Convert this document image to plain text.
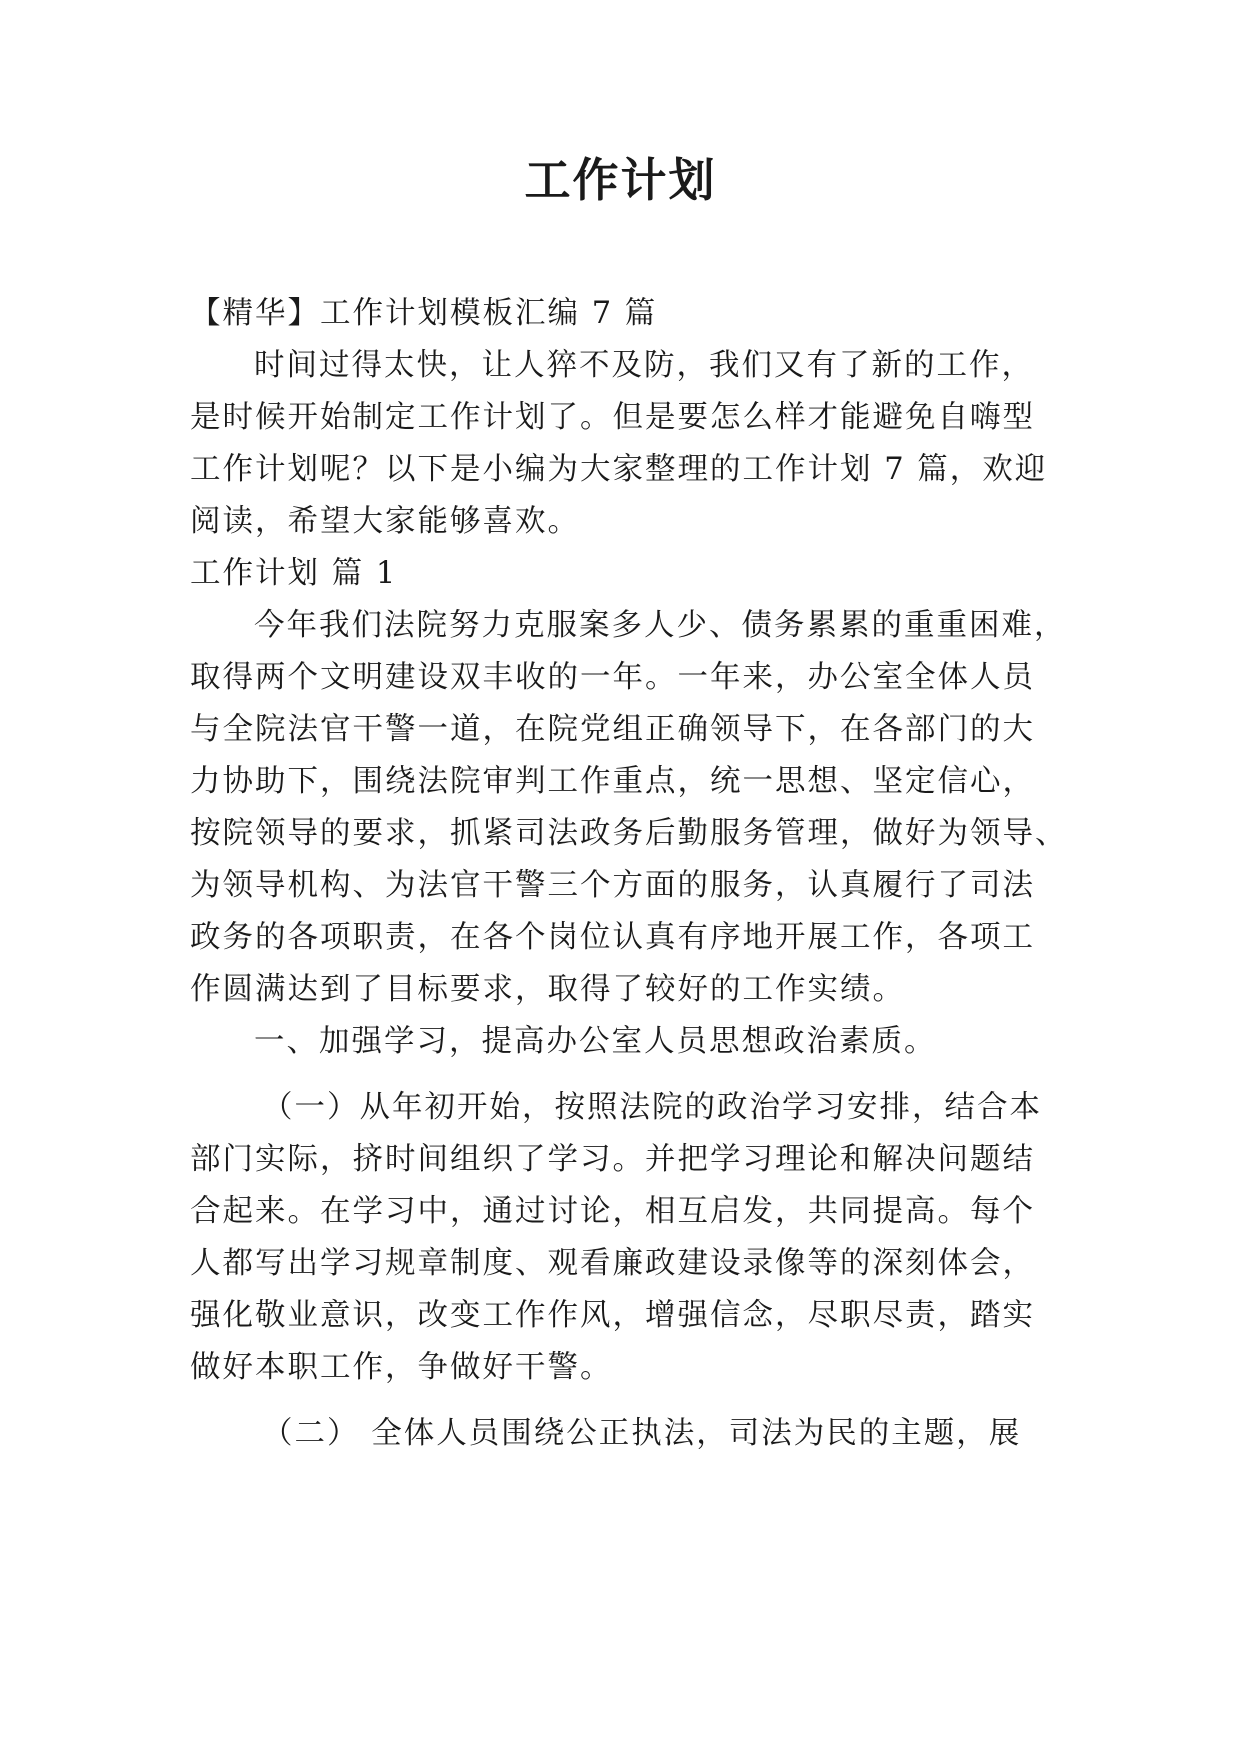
工作计划

【精华】工作计划模板汇编 7 篇

时间过得太快，让人猝不及防，我们又有了新的工作，

是时候开始制定工作计划了。但是要怎么样才能避免自嗨型

工作计划呢？以下是小编为大家整理的工作计划 7 篇，欢迎

阅读，希望大家能够喜欢。

工作计划 篇 1

今年我们法院努力克服案多人少、债务累累的重重困难，

取得两个文明建设双丰收的一年。一年来，办公室全体人员

与全院法官干警一道，在院党组正确领导下，在各部门的大

力协助下，围绕法院审判工作重点，统一思想、坚定信心，

按院领导的要求，抓紧司法政务后勤服务管理，做好为领导、

为领导机构、为法官干警三个方面的服务，认真履行了司法

政务的各项职责，在各个岗位认真有序地开展工作，各项工

作圆满达到了目标要求，取得了较好的工作实绩。

一、加强学习，提高办公室人员思想政治素质。

（一）从年初开始，按照法院的政治学习安排，结合本

部门实际，挤时间组织了学习。并把学习理论和解决问题结

合起来。在学习中，通过讨论，相互启发，共同提高。每个

人都写出学习规章制度、观看廉政建设录像等的深刻体会，

强化敬业意识，改变工作作风，增强信念，尽职尽责，踏实

做好本职工作，争做好干警。

（二） 全体人员围绕公正执法，司法为民的主题，展
